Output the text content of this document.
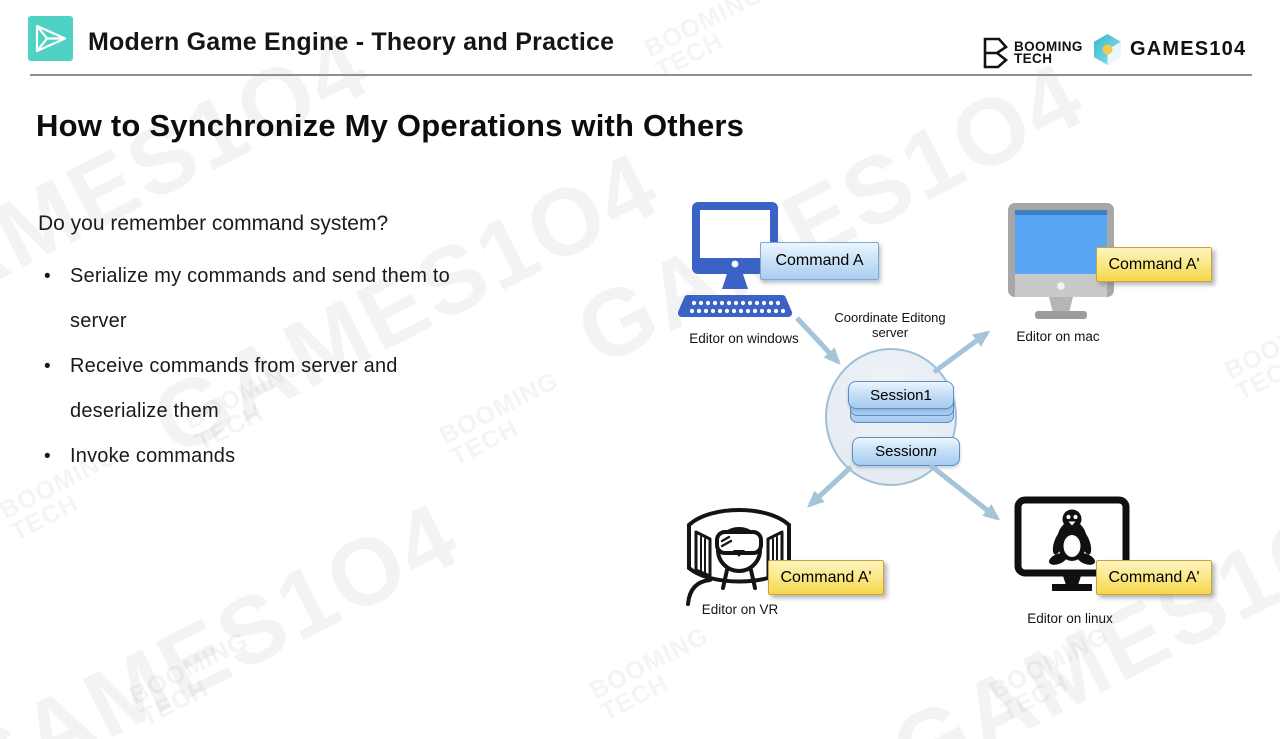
Modern Game Engine - Theory and Practice	BOOMING
TECH	GAMES104
How to Synchronize My Operations with Others
Do you remember command system?
• Serialize my commands and send them to
server
• Receive commands from server and
deserialize them
• Invoke commands
Session1
Session n
Coordinate Editong
server
Command A	Command A'
Command A'	Command A'
Editor on windows	Editor on mac
Editor on VR
Editor on linux
